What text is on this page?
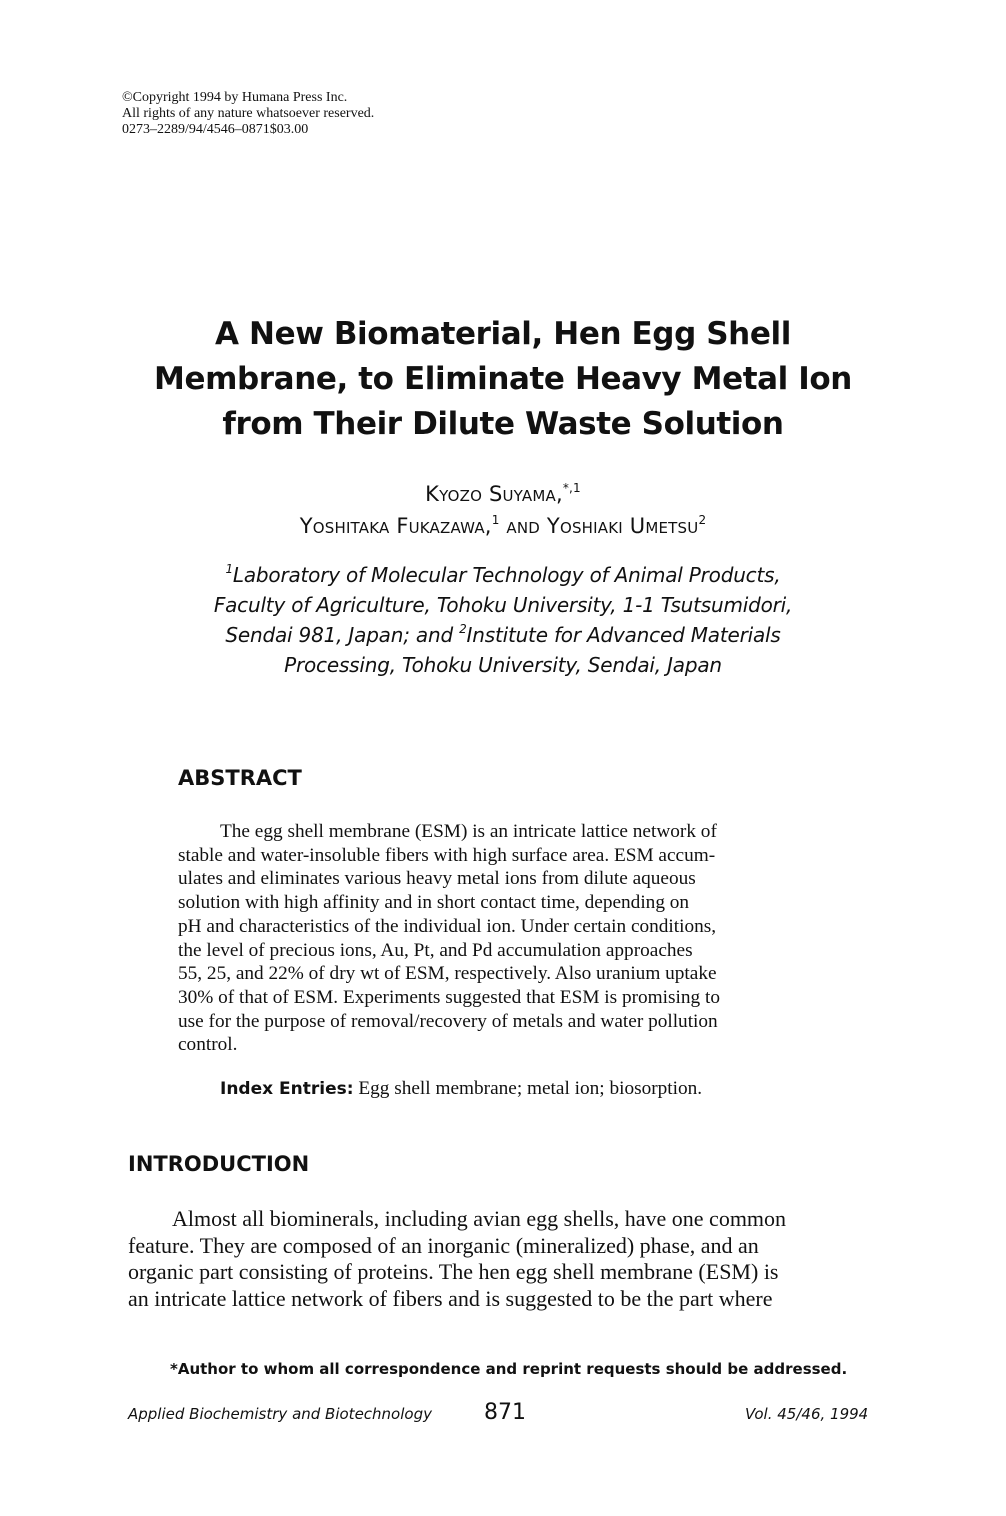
©Copyright 1994 by Humana Press Inc.
All rights of any nature whatsoever reserved.
0273–2289/94/4546–0871$03.00
A New Biomaterial, Hen Egg Shell
Membrane, to Eliminate Heavy Metal Ion
from Their Dilute Waste Solution
Kyozo Suyama,$^{*,1}$
Yoshitaka Fukazawa,$^1$ and Yoshiaki Umetsu$^2$
$^1$Laboratory of Molecular Technology of Animal Products,
Faculty of Agriculture, Tohoku University, 1-1 Tsutsumidori,
Sendai 981, Japan; and $^2$Institute for Advanced Materials
Processing, Tohoku University, Sendai, Japan
ABSTRACT
The egg shell membrane (ESM) is an intricate lattice network of
stable and water-insoluble fibers with high surface area. ESM accum-
ulates and eliminates various heavy metal ions from dilute aqueous
solution with high affinity and in short contact time, depending on
pH and characteristics of the individual ion. Under certain conditions,
the level of precious ions, Au, Pt, and Pd accumulation approaches
55, 25, and 22% of dry wt of ESM, respectively. Also uranium uptake
30% of that of ESM. Experiments suggested that ESM is promising to
use for the purpose of removal/recovery of metals and water pollution
control.
Index Entries: Egg shell membrane; metal ion; biosorption.
INTRODUCTION
Almost all biominerals, including avian egg shells, have one common
feature. They are composed of an inorganic (mineralized) phase, and an
organic part consisting of proteins. The hen egg shell membrane (ESM) is
an intricate lattice network of fibers and is suggested to be the part where
*Author to whom all correspondence and reprint requests should be addressed.
Applied Biochemistry and Biotechnology 871	Vol. 45/46, 1994
